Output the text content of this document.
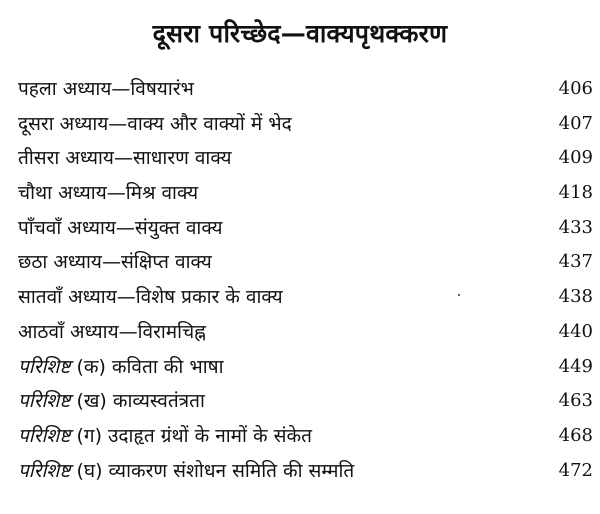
दूसरा परिच्छेद—वाक्यपृथक्करण
पहला अध्याय—विषयारंभ	406
दूसरा अध्याय—वाक्य और वाक्यों में भेद	407
तीसरा अध्याय—साधारण वाक्य	409
चौथा अध्याय—मिश्र वाक्य	418
पाँचवाँ अध्याय—संयुक्त वाक्य	433
छठा अध्याय—संक्षिप्त वाक्य	437
सातवाँ अध्याय—विशेष प्रकार के वाक्य	438
आठवाँ अध्याय—विरामचिह्न	440
परिशिष्ट (क) कविता की भाषा	449
परिशिष्ट (ख) काव्यस्वतंत्रता	463
परिशिष्ट (ग) उदाहृत ग्रंथों के नामों के संकेत	468
परिशिष्ट (घ) व्याकरण संशोधन समिति की सम्मति	472
